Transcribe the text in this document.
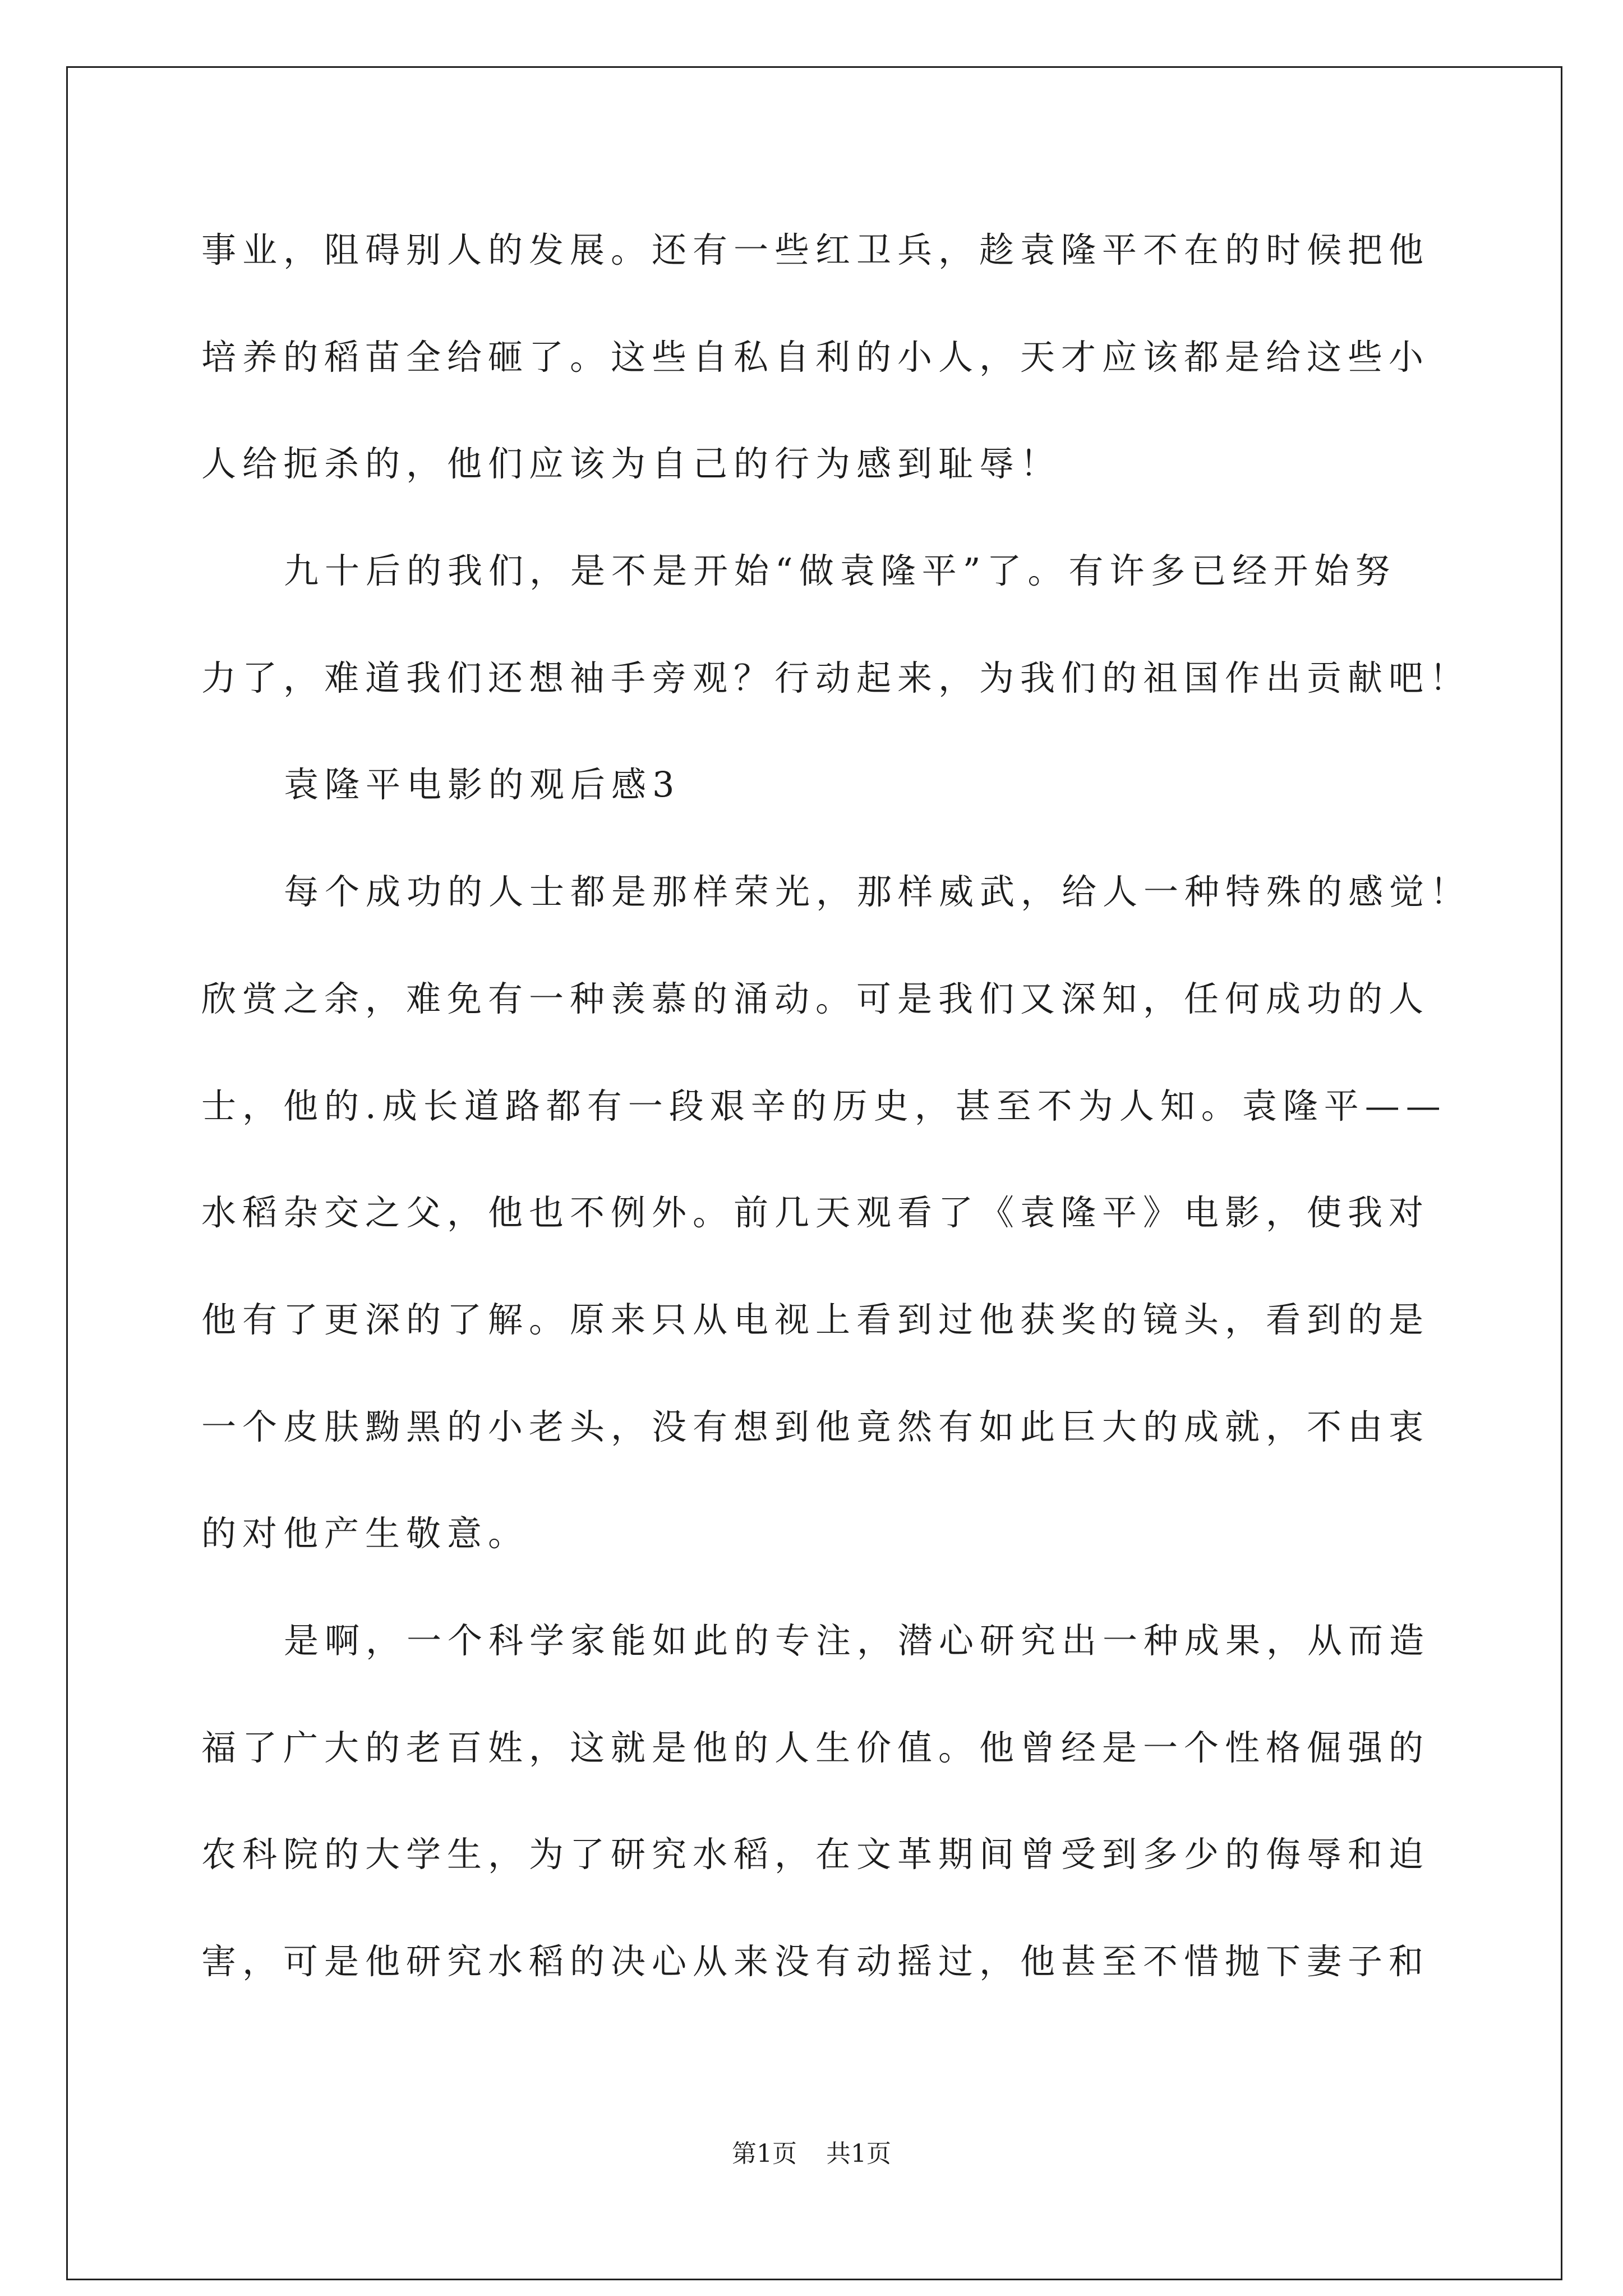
事业，阻碍别人的发展。还有一些红卫兵，趁袁隆平不在的时候把他
培养的稻苗全给砸了。这些自私自利的小人，天才应该都是给这些小
人给扼杀的，他们应该为自己的行为感到耻辱！
九十后的我们，是不是开始“做袁隆平”了。有许多已经开始努
力了，难道我们还想袖手旁观？行动起来，为我们的祖国作出贡献吧！
袁隆平电影的观后感3
每个成功的人士都是那样荣光，那样威武，给人一种特殊的感觉！
欣赏之余，难免有一种羡慕的涌动。可是我们又深知，任何成功的人
士，他的.成长道路都有一段艰辛的历史，甚至不为人知。袁隆平——
水稻杂交之父，他也不例外。前几天观看了《袁隆平》电影，使我对
他有了更深的了解。原来只从电视上看到过他获奖的镜头，看到的是
一个皮肤黝黑的小老头，没有想到他竟然有如此巨大的成就，不由衷
的对他产生敬意。
是啊，一个科学家能如此的专注，潜心研究出一种成果，从而造
福了广大的老百姓，这就是他的人生价值。他曾经是一个性格倔强的
农科院的大学生，为了研究水稻，在文革期间曾受到多少的侮辱和迫
害，可是他研究水稻的决心从来没有动摇过，他甚至不惜抛下妻子和
第1页 共1页
